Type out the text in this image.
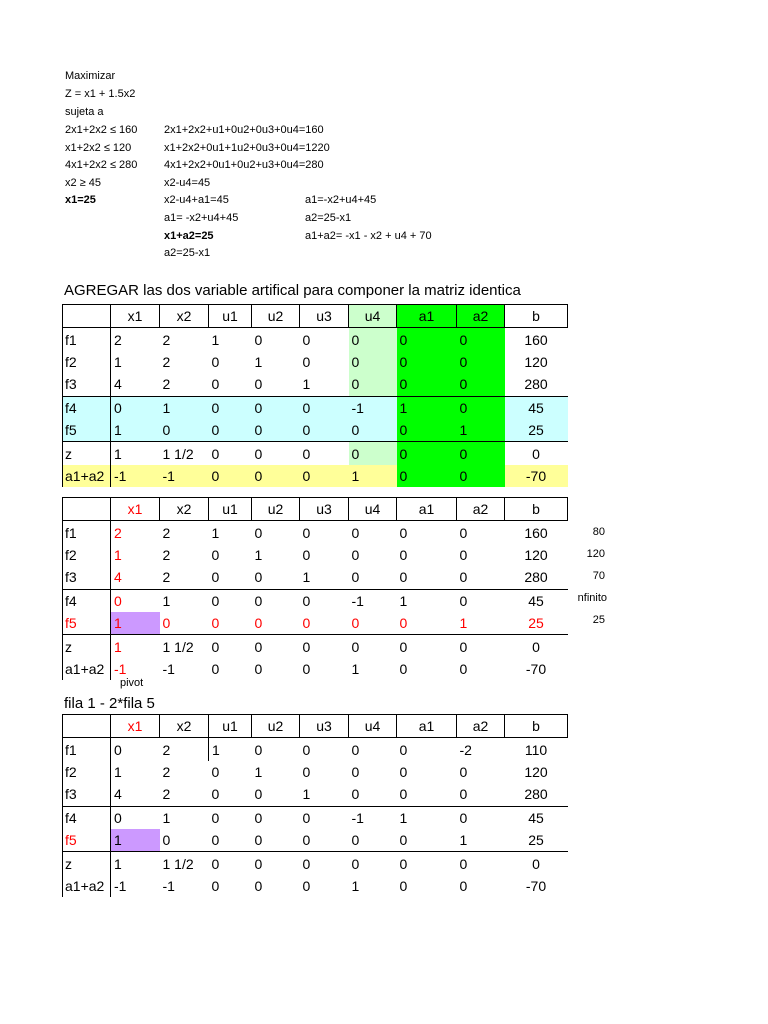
Maximizar
Z = x1 + 1.5x2
sujeta a
2x1+2x2 ≤ 160
x1+2x2 ≤ 120
4x1+2x2 ≤ 280
x2 ≥ 45
x1=25
2x1+2x2+u1+0u2+0u3+0u4=160
x1+2x2+0u1+1u2+0u3+0u4=1220
4x1+2x2+0u1+0u2+u3+0u4=280
x2-u4=45
x2-u4+a1=45
a1= -x2+u4+45
x1+a2=25
a2=25-x1
a1=-x2+u4+45
a2=25-x1
a1+a2= -x1 - x2 + u4 + 70
AGREGAR las dos variable artifical para componer la matriz identica
	x1	x2	u1	u2	u3	u4	a1	a2	b
f1	2	2	1	0	0	0	0	0	160
f2	1	2	0	1	0	0	0	0	120
f3	4	2	0	0	1	0	0	0	280
f4	0	1	0	0	0	-1	1	0	45
f5	1	0	0	0	0	0	0	1	25
z	1	1 1/2	0	0	0	0	0	0	0
a1+a2	-1	-1	0	0	0	1	0	0	-70
	x1	x2	u1	u2	u3	u4	a1	a2	b
f1	2	2	1	0	0	0	0	0	160
f2	1	2	0	1	0	0	0	0	120
f3	4	2	0	0	1	0	0	0	280
f4	0	1	0	0	0	-1	1	0	45
f5	1	0	0	0	0	0	0	1	25
z	1	1 1/2	0	0	0	0	0	0	0
a1+a2	-1	-1	0	0	0	1	0	0	-70
80
120
70
nfinito
25
pivot
fila 1 - 2*fila 5
	x1	x2	u1	u2	u3	u4	a1	a2	b
f1	0	2	1	0	0	0	0	-2	110
f2	1	2	0	1	0	0	0	0	120
f3	4	2	0	0	1	0	0	0	280
f4	0	1	0	0	0	-1	1	0	45
f5	1	0	0	0	0	0	0	1	25
z	1	1 1/2	0	0	0	0	0	0	0
a1+a2	-1	-1	0	0	0	1	0	0	-70
